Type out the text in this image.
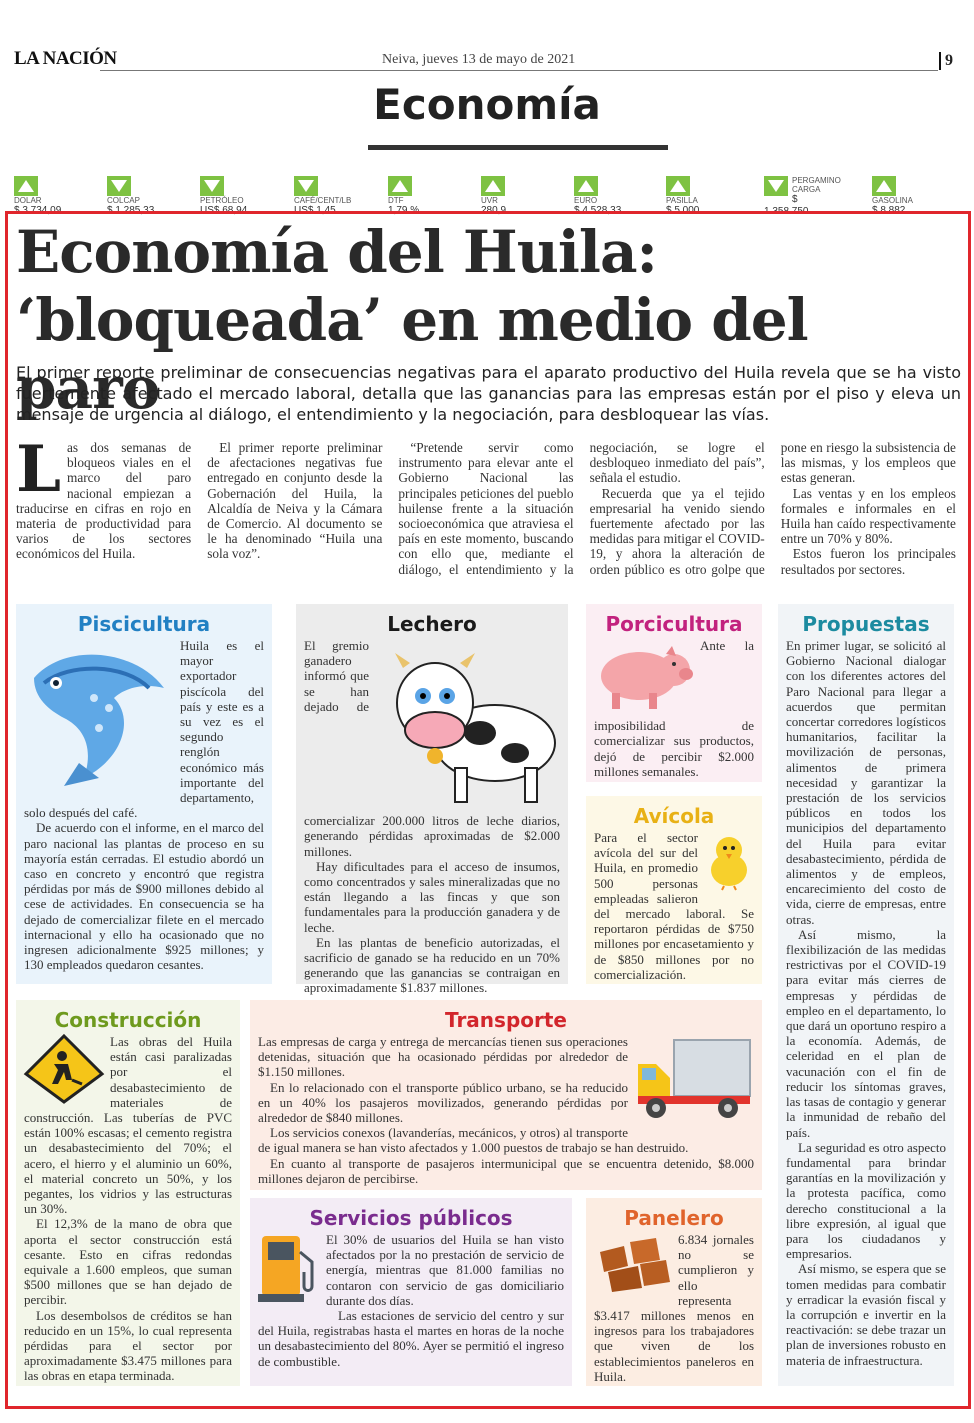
LA NACIÓN	Neiva, jueves 13 de mayo de 2021	9
Economía
DOLAR
$ 3.734,09
COLCAP
$ 1.285,33
PETRÓLEO
US$ 68,94
CAFÉ/CENT/LB
US$ 1,45
DTF
1,79 %
UVR
280,9
EURO
$ 4.528,33
PASILLA
$ 5.000
PERGAMINO CARGA
$ 1.358.750
GASOLINA
$ 8.882
Economía del Huila: ‘bloqueada’ en medio del paro

El primer reporte preliminar de consecuencias negativas para el aparato productivo del Huila revela que se ha visto fuertemente afectado el mercado laboral, detalla que las ganancias para las empresas están por el piso y eleva un mensaje de urgencia al diálogo, el entendimiento y la negociación, para desbloquear las vías.

Las dos semanas de bloqueos viales en el marco del paro nacional empiezan a traducirse en cifras en rojo en materia de productividad para varios de los sectores económicos del Huila.

El primer reporte preliminar de afectaciones negativas fue entregado en conjunto desde la Gobernación del Huila, la Alcaldía de Neiva y la Cámara de Comercio. Al documento se le ha denominado “Huila una sola voz”.

“Pretende servir como instrumento para elevar ante el Gobierno Nacional las principales peticiones del pueblo huilense frente a la situación socioeconómica que atraviesa el país en este momento, buscando con ello que, mediante el diálogo, el entendimiento y la negociación, se logre el desbloqueo inmediato del país”, señala el estudio.

Recuerda que ya el tejido empresarial ha venido siendo fuertemente afectado por las medidas para mitigar el COVID-19, y ahora la alteración de orden público es otro golpe que pone en riesgo la subsistencia de las mismas, y los empleos que estas generan.

Las ventas y en los empleos formales e informales en el Huila han caído respectivamente entre un 70% y 80%.

Estos fueron los principales resultados por sectores.

Piscicultura

Huila es el mayor exportador piscícola del país y este es a su vez es el segundo renglón económico más importante del departamento, solo después del café.

De acuerdo con el informe, en el marco del paro nacional las plantas de proceso en su mayoría están cerradas. El estudio abordó un caso en concreto y encontró que registra pérdidas por más de $900 millones debido al cese de actividades. En consecuencia se ha dejado de comercializar filete en el mercado internacional y ello ha ocasionado que no ingresen adicionalmente $925 millones; y 130 empleados quedaron cesantes.

Lechero

El gremio ganadero informó que se han dejado de comercializar 200.000 litros de leche diarios, generando pérdidas aproximadas de $2.000 millones.

Hay dificultades para el acceso de insumos, como concentrados y sales mineralizadas que no están llegando a las fincas y que son fundamentales para la producción ganadera y de leche.

En las plantas de beneficio autorizadas, el sacrificio de ganado se ha reducido en un 70% generando que las ganancias se contraigan en aproximadamente $1.837 millones.

Porcicultura

Ante la imposibilidad de comercializar sus productos, dejó de percibir $2.000 millones semanales.

Avícola

Para el sector avícola del sur del Huila, en promedio 500 personas empleadas salieron del mercado laboral. Se reportaron pérdidas de $750 millones por encasetamiento y de $850 millones por no comercialización.

Propuestas

En primer lugar, se solicitó al Gobierno Nacional dialogar con los diferentes actores del Paro Nacional para llegar a acuerdos que permitan concertar corredores logísticos humanitarios, facilitar la movilización de personas, alimentos de primera necesidad y garantizar la prestación de los servicios públicos en todos los municipios del departamento del Huila para evitar desabastecimiento, pérdida de alimentos y de empleos, encarecimiento del costo de vida, cierre de empresas, entre otras.

Así mismo, la flexibilización de las medidas restrictivas por el COVID-19 para evitar más cierres de empresas y pérdidas de empleo en el departamento, lo que dará un oportuno respiro a la economía. Además, de celeridad en el plan de vacunación con el fin de reducir los síntomas graves, las tasas de contagio y generar la inmunidad de rebaño del país.

La seguridad es otro aspecto fundamental para brindar garantías en la movilización y la protesta pacífica, como derecho constitucional a la libre expresión, al igual que para los ciudadanos y empresarios.

Así mismo, se espera que se tomen medidas para combatir y erradicar la evasión fiscal y la corrupción e invertir en la reactivación: se debe trazar un plan de inversiones robusto en materia de infraestructura.

Construcción

Las obras del Huila están casi paralizadas por el desabastecimiento de materiales de construcción. Las tuberías de PVC están 100% escasas; el cemento registra un desabastecimiento del 70%; el acero, el hierro y el aluminio un 60%, el material concreto un 50%, y los pegantes, los vidrios y las estructuras un 30%.

El 12,3% de la mano de obra que aporta el sector construcción está cesante. Esto en cifras redondas equivale a 1.600 empleos, que suman $500 millones que se han dejado de percibir.

Los desembolsos de créditos se han reducido en un 15%, lo cual representa pérdidas para el sector por aproximadamente $3.475 millones para las obras en etapa terminada.

Transporte

Las empresas de carga y entrega de mercancías tienen sus operaciones detenidas, situación que ha ocasionado pérdidas por alrededor de $1.150 millones.

En lo relacionado con el transporte público urbano, se ha reducido en un 40% los pasajeros movilizados, generando pérdidas por alrededor de $840 millones.

Los servicios conexos (lavanderías, mecánicos, y otros) al transporte de igual manera se han visto afectados y 1.000 puestos de trabajo se han destruido.

En cuanto al transporte de pasajeros intermunicipal que se encuentra detenido, $8.000 millones dejaron de percibirse.

Servicios públicos

El 30% de usuarios del Huila se han visto afectados por la no prestación de servicio de energía, mientras que 81.000 familias no contaron con servicio de gas domiciliario durante dos días.

Las estaciones de servicio del centro y sur del Huila, registrabas hasta el martes en horas de la noche un desabastecimiento del 80%. Ayer se permitió el ingreso de combustible.

Panelero

6.834 jornales no se cumplieron y ello representa $3.417 millones menos en ingresos para los trabajadores que viven de los establecimientos paneleros en Huila.
